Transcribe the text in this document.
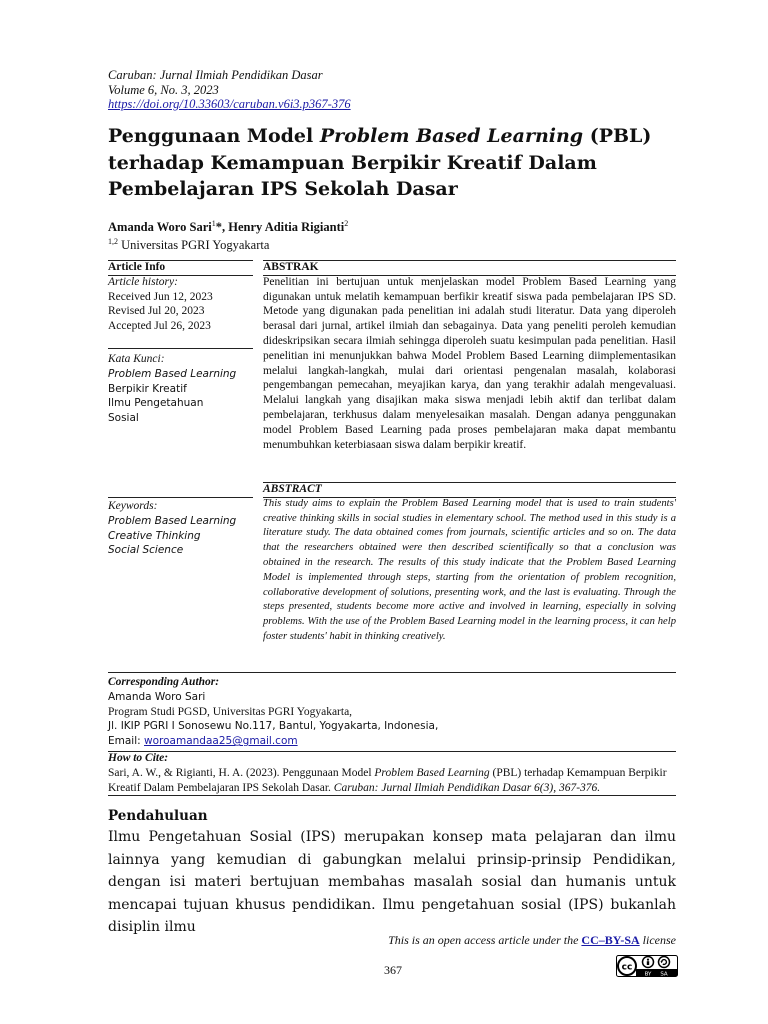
Caruban: Jurnal Ilmiah Pendidikan Dasar
Volume 6, No. 3, 2023
https://doi.org/10.33603/caruban.v6i3.p367-376
Penggunaan Model Problem Based Learning (PBL) terhadap Kemampuan Berpikir Kreatif Dalam Pembelajaran IPS Sekolah Dasar
Amanda Woro Sari$^1$*, Henry Aditia Rigianti$^2$
$^{1,2}$ Universitas PGRI Yogyakarta
Article Info
Article history:
Received Jun 12, 2023
Revised Jul 20, 2023
Accepted Jul 26, 2023
Kata Kunci:
Problem Based Learning
Berpikir Kreatif
Ilmu Pengetahuan
Sosial
Keywords:
Problem Based Learning
Creative Thinking
Social Science
ABSTRAK
Penelitian ini bertujuan untuk menjelaskan model Problem Based Learning yang digunakan untuk melatih kemampuan berfikir kreatif siswa pada pembelajaran IPS SD. Metode yang digunakan pada penelitian ini adalah studi literatur. Data yang diperoleh berasal dari jurnal, artikel ilmiah dan sebagainya. Data yang peneliti peroleh kemudian dideskripsikan secara ilmiah sehingga diperoleh suatu kesimpulan pada penelitian. Hasil penelitian ini menunjukkan bahwa Model Problem Based Learning diimplementasikan melalui langkah-langkah, mulai dari orientasi pengenalan masalah, kolaborasi pengembangan pemecahan, meyajikan karya, dan yang terakhir adalah mengevaluasi. Melalui langkah yang disajikan maka siswa menjadi lebih aktif dan terlibat dalam pembelajaran, terkhusus dalam menyelesaikan masalah. Dengan adanya penggunakan model Problem Based Learning pada proses pembelajaran maka dapat membantu menumbuhkan keterbiasaan siswa dalam berpikir kreatif.
ABSTRACT
This study aims to explain the Problem Based Learning model that is used to train students' creative thinking skills in social studies in elementary school. The method used in this study is a literature study. The data obtained comes from journals, scientific articles and so on. The data that the researchers obtained were then described scientifically so that a conclusion was obtained in the research. The results of this study indicate that the Problem Based Learning Model is implemented through steps, starting from the orientation of problem recognition, collaborative development of solutions, presenting work, and the last is evaluating. Through the steps presented, students become more active and involved in learning, especially in solving problems. With the use of the Problem Based Learning model in the learning process, it can help foster students' habit in thinking creatively.
Corresponding Author:
Amanda Woro Sari
Program Studi PGSD, Universitas PGRI Yogyakarta,
Jl. IKIP PGRI I Sonosewu No.117, Bantul, Yogyakarta, Indonesia,
Email: woroamandaa25@gmail.com
How to Cite:
Sari, A. W., & Rigianti, H. A. (2023). Penggunaan Model Problem Based Learning (PBL) terhadap Kemampuan Berpikir Kreatif Dalam Pembelajaran IPS Sekolah Dasar. Caruban: Jurnal Ilmiah Pendidikan Dasar 6(3), 367-376.
Pendahuluan
Ilmu Pengetahuan Sosial (IPS) merupakan konsep mata pelajaran dan ilmu lainnya yang kemudian di gabungkan melalui prinsip-prinsip Pendidikan, dengan isi materi bertujuan membahas masalah sosial dan humanis untuk mencapai tujuan khusus pendidikan. Ilmu pengetahuan sosial (IPS) bukanlah disiplin ilmu
This is an open access article under the CC–BY-SA license
367	cc
BY SA
